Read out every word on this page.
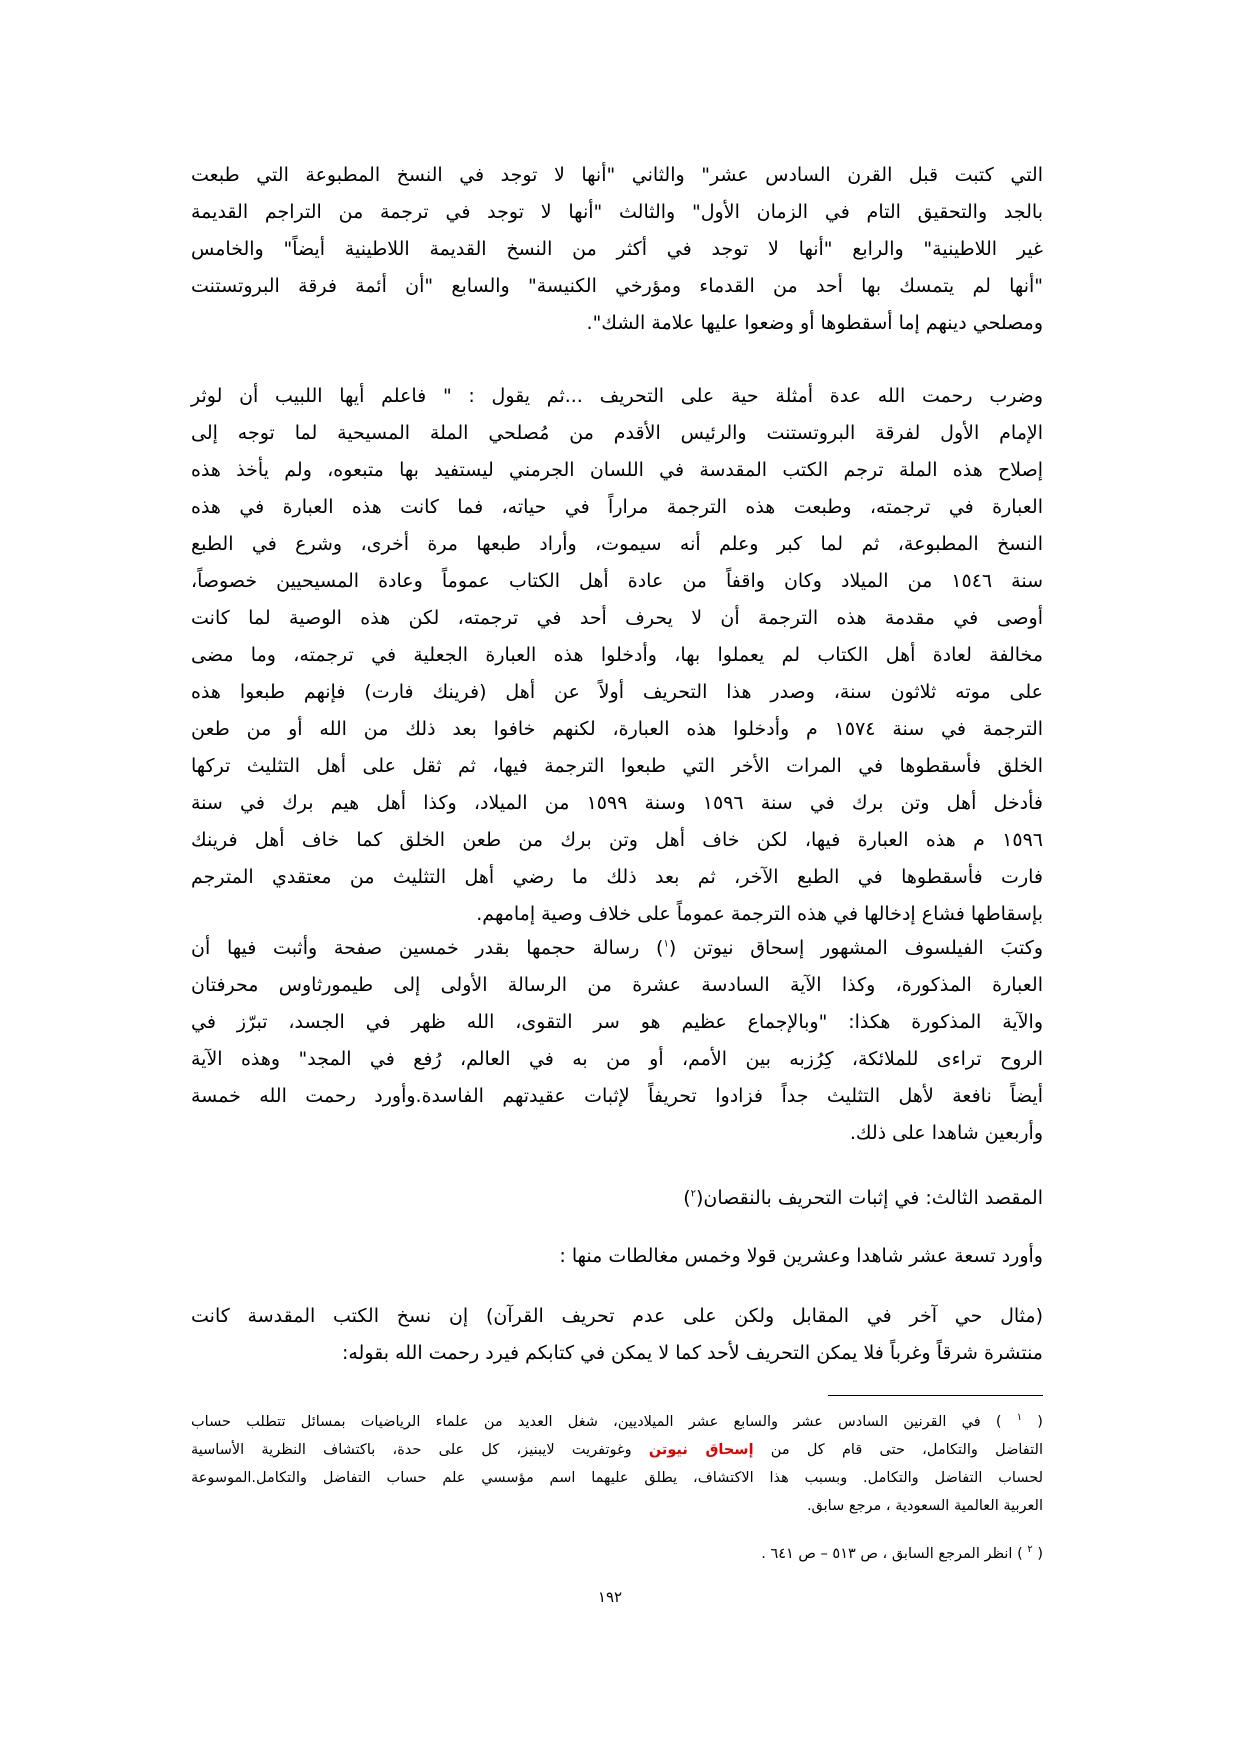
التي كتبت قبل القرن السادس عشر" والثاني "أنها لا توجد في النسخ المطبوعة التي طبعت
بالجد والتحقيق التام في الزمان الأول" والثالث "أنها لا توجد في ترجمة من التراجم القديمة
غير اللاطينية" والرابع "أنها لا توجد في أكثر من النسخ القديمة اللاطينية أيضاً" والخامس
"أنها لم يتمسك بها أحد من القدماء ومؤرخي الكنيسة" والسابع "أن أئمة فرقة البروتستنت
ومصلحي دينهم إما أسقطوها أو وضعوا عليها علامة الشك".
وضرب رحمت الله عدة أمثلة حية على التحريف ...ثم يقول : " فاعلم أيها اللبيب أن لوثر
الإمام الأول لفرقة البروتستنت والرئيس الأقدم من مُصلحي الملة المسيحية لما توجه إلى
إصلاح هذه الملة ترجم الكتب المقدسة في اللسان الجرمني ليستفيد بها متبعوه، ولم يأخذ هذه
العبارة في ترجمته، وطبعت هذه الترجمة مراراً في حياته، فما كانت هذه العبارة في هذه
النسخ المطبوعة، ثم لما كبر وعلم أنه سيموت، وأراد طبعها مرة أخرى، وشرع في الطبع
سنة ١٥٤٦ من الميلاد وكان واقفاً من عادة أهل الكتاب عموماً وعادة المسيحيين خصوصاً،
أوصى في مقدمة هذه الترجمة أن لا يحرف أحد في ترجمته، لكن هذه الوصية لما كانت
مخالفة لعادة أهل الكتاب لم يعملوا بها، وأدخلوا هذه العبارة الجعلية في ترجمته، وما مضى
على موته ثلاثون سنة، وصدر هذا التحريف أولاً عن أهل (فرينك فارت) فإنهم طبعوا هذه
الترجمة في سنة ١٥٧٤ م وأدخلوا هذه العبارة، لكنهم خافوا بعد ذلك من الله أو من طعن
الخلق فأسقطوها في المرات الأخر التي طبعوا الترجمة فيها، ثم ثقل على أهل التثليث تركها
فأدخل أهل وتن برك في سنة ١٥٩٦ وسنة ١٥٩٩ من الميلاد، وكذا أهل هيم برك في سنة
١٥٩٦ م هذه العبارة فيها، لكن خاف أهل وتن برك من طعن الخلق كما خاف أهل فرينك
فارت فأسقطوها في الطبع الآخر، ثم بعد ذلك ما رضي أهل التثليث من معتقدي المترجم
بإسقاطها فشاع إدخالها في هذه الترجمة عموماً على خلاف وصية إمامهم.
وكتبَ الفيلسوف المشهور إسحاق نيوتن ($^١$) رسالة حجمها بقدر خمسين صفحة وأثبت فيها أن
العبارة المذكورة، وكذا الآية السادسة عشرة من الرسالة الأولى إلى طيمورثاوس محرفتان
والآية المذكورة هكذا: "وبالإجماع عظيم هو سر التقوى، الله ظهر في الجسد، تبرّز في
الروح تراءى للملائكة، كِرُزبه بين الأمم، أو من به في العالم، رُفع في المجد" وهذه الآية
أيضاً نافعة لأهل التثليث جداً فزادوا تحريفاً لإثبات عقيدتهم الفاسدة.وأورد رحمت الله خمسة
وأربعين شاهدا على ذلك.
المقصد الثالث: في إثبات التحريف بالنقصان($^٢$)
وأورد تسعة عشر شاهدا وعشرين قولا وخمس مغالطات منها :
(مثال حي آخر في المقابل ولكن على عدم تحريف القرآن) إن نسخ الكتب المقدسة كانت
منتشرة شرقاً وغرباً فلا يمكن التحريف لأحد كما لا يمكن في كتابكم فيرد رحمت الله بقوله:
( $^١$ ) في القرنين السادس عشر والسابع عشر الميلاديين، شغل العديد من علماء الرياضيات بمسائل تتطلب حساب
التفاضل والتكامل، حتى قام كل من إسحاق نيوتن وغوتفريت لايبنيز، كل على حدة، باكتشاف النظرية الأساسية
لحساب التفاضل والتكامل. وبسبب هذا الاكتشاف، يطلق عليهما اسم مؤسسي علم حساب التفاضل والتكامل.الموسوعة
العربية العالمية السعودية ، مرجع سابق.
( $^٢$ ) انظر المرجع السابق ، ص ٥١٣ – ص ٦٤١ .
١٩٢
